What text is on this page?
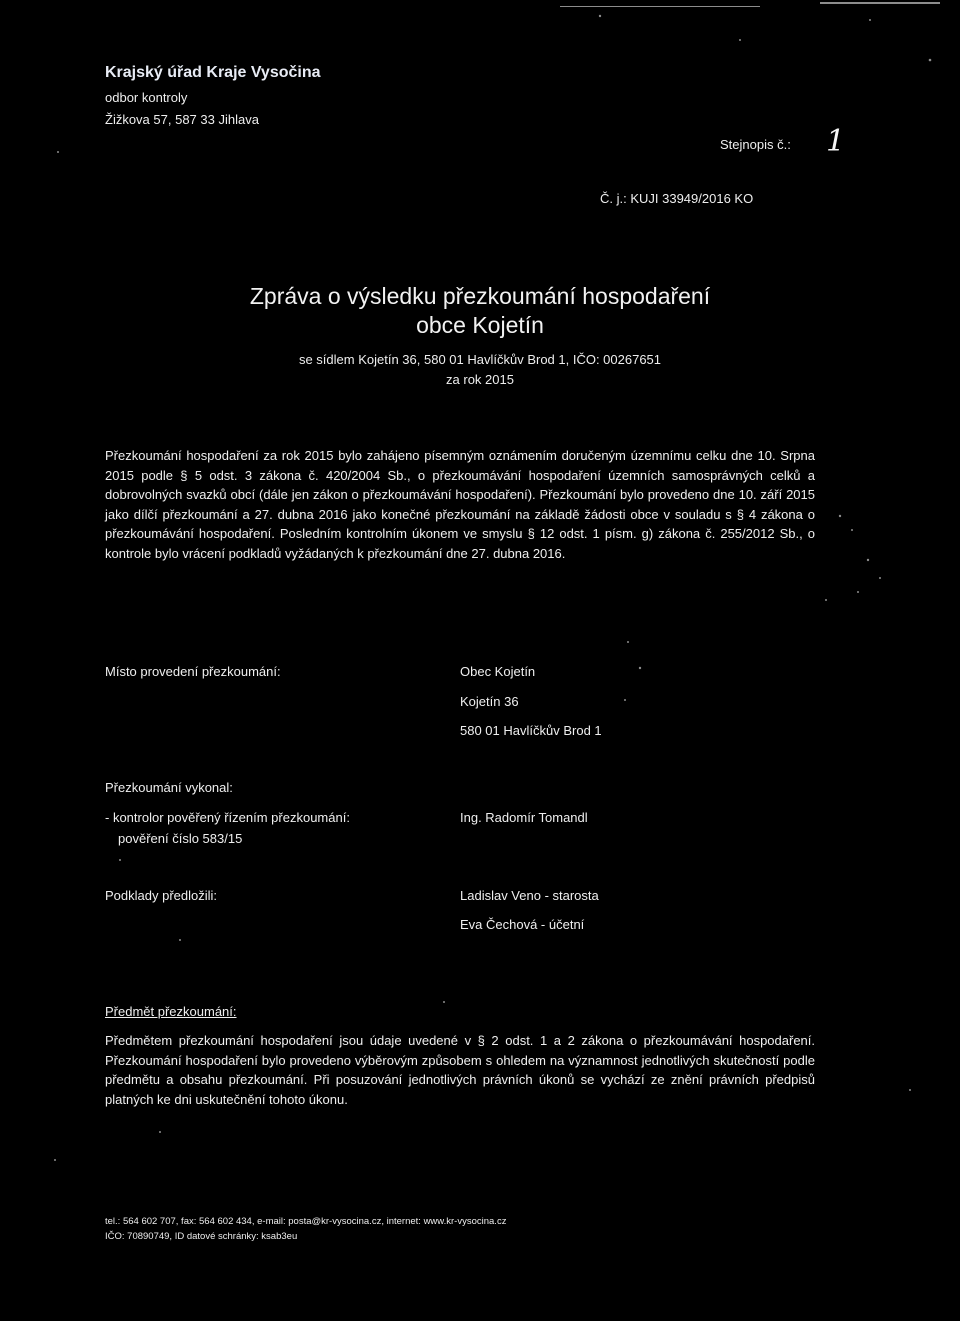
Krajský úřad Kraje Vysočina
odbor kontroly
Žižkova 57, 587 33 Jihlava
Stejnopis č.: 1
Č. j.: KUJI 33949/2016 KO
Zpráva o výsledku přezkoumání hospodaření
obce Kojetín
se sídlem Kojetín 36, 580 01 Havlíčkův Brod 1, IČO: 00267651
za rok 2015
Přezkoumání hospodaření za rok 2015 bylo zahájeno písemným oznámením doručeným územnímu celku dne 10. Srpna 2015 podle § 5 odst. 3 zákona č. 420/2004 Sb., o přezkoumávání hospodaření územních samosprávných celků a dobrovolných svazků obcí (dále jen zákon o přezkoumávání hospodaření). Přezkoumání bylo provedeno dne 10. září 2015 jako dílčí přezkoumání a 27. dubna 2016 jako konečné přezkoumání na základě žádosti obce v souladu s § 4 zákona o přezkoumávání hospodaření. Posledním kontrolním úkonem ve smyslu § 12 odst. 1 písm. g) zákona č. 255/2012 Sb., o kontrole bylo vrácení podkladů vyžádaných k přezkoumání dne 27. dubna 2016.
Místo provedení přezkoumání:	Obec Kojetín
Kojetín 36
580 01 Havlíčkův Brod 1
Přezkoumání vykonal:
- kontrolor pověřený řízením přezkoumání:
pověření číslo 583/15
Ing. Radomír Tomandl
Podklady předložili:	Ladislav Veno - starosta
Eva Čechová - účetní
Předmět přezkoumání:
Předmětem přezkoumání hospodaření jsou údaje uvedené v § 2 odst. 1 a 2 zákona o přezkoumávání hospodaření. Přezkoumání hospodaření bylo provedeno výběrovým způsobem s ohledem na významnost jednotlivých skutečností podle předmětu a obsahu přezkoumání. Při posuzování jednotlivých právních úkonů se vychází ze znění právních předpisů platných ke dni uskutečnění tohoto úkonu.
tel.: 564 602 707, fax: 564 602 434, e-mail: posta@kr-vysocina.cz, internet: www.kr-vysocina.cz
IČO: 70890749, ID datové schránky: ksab3eu
